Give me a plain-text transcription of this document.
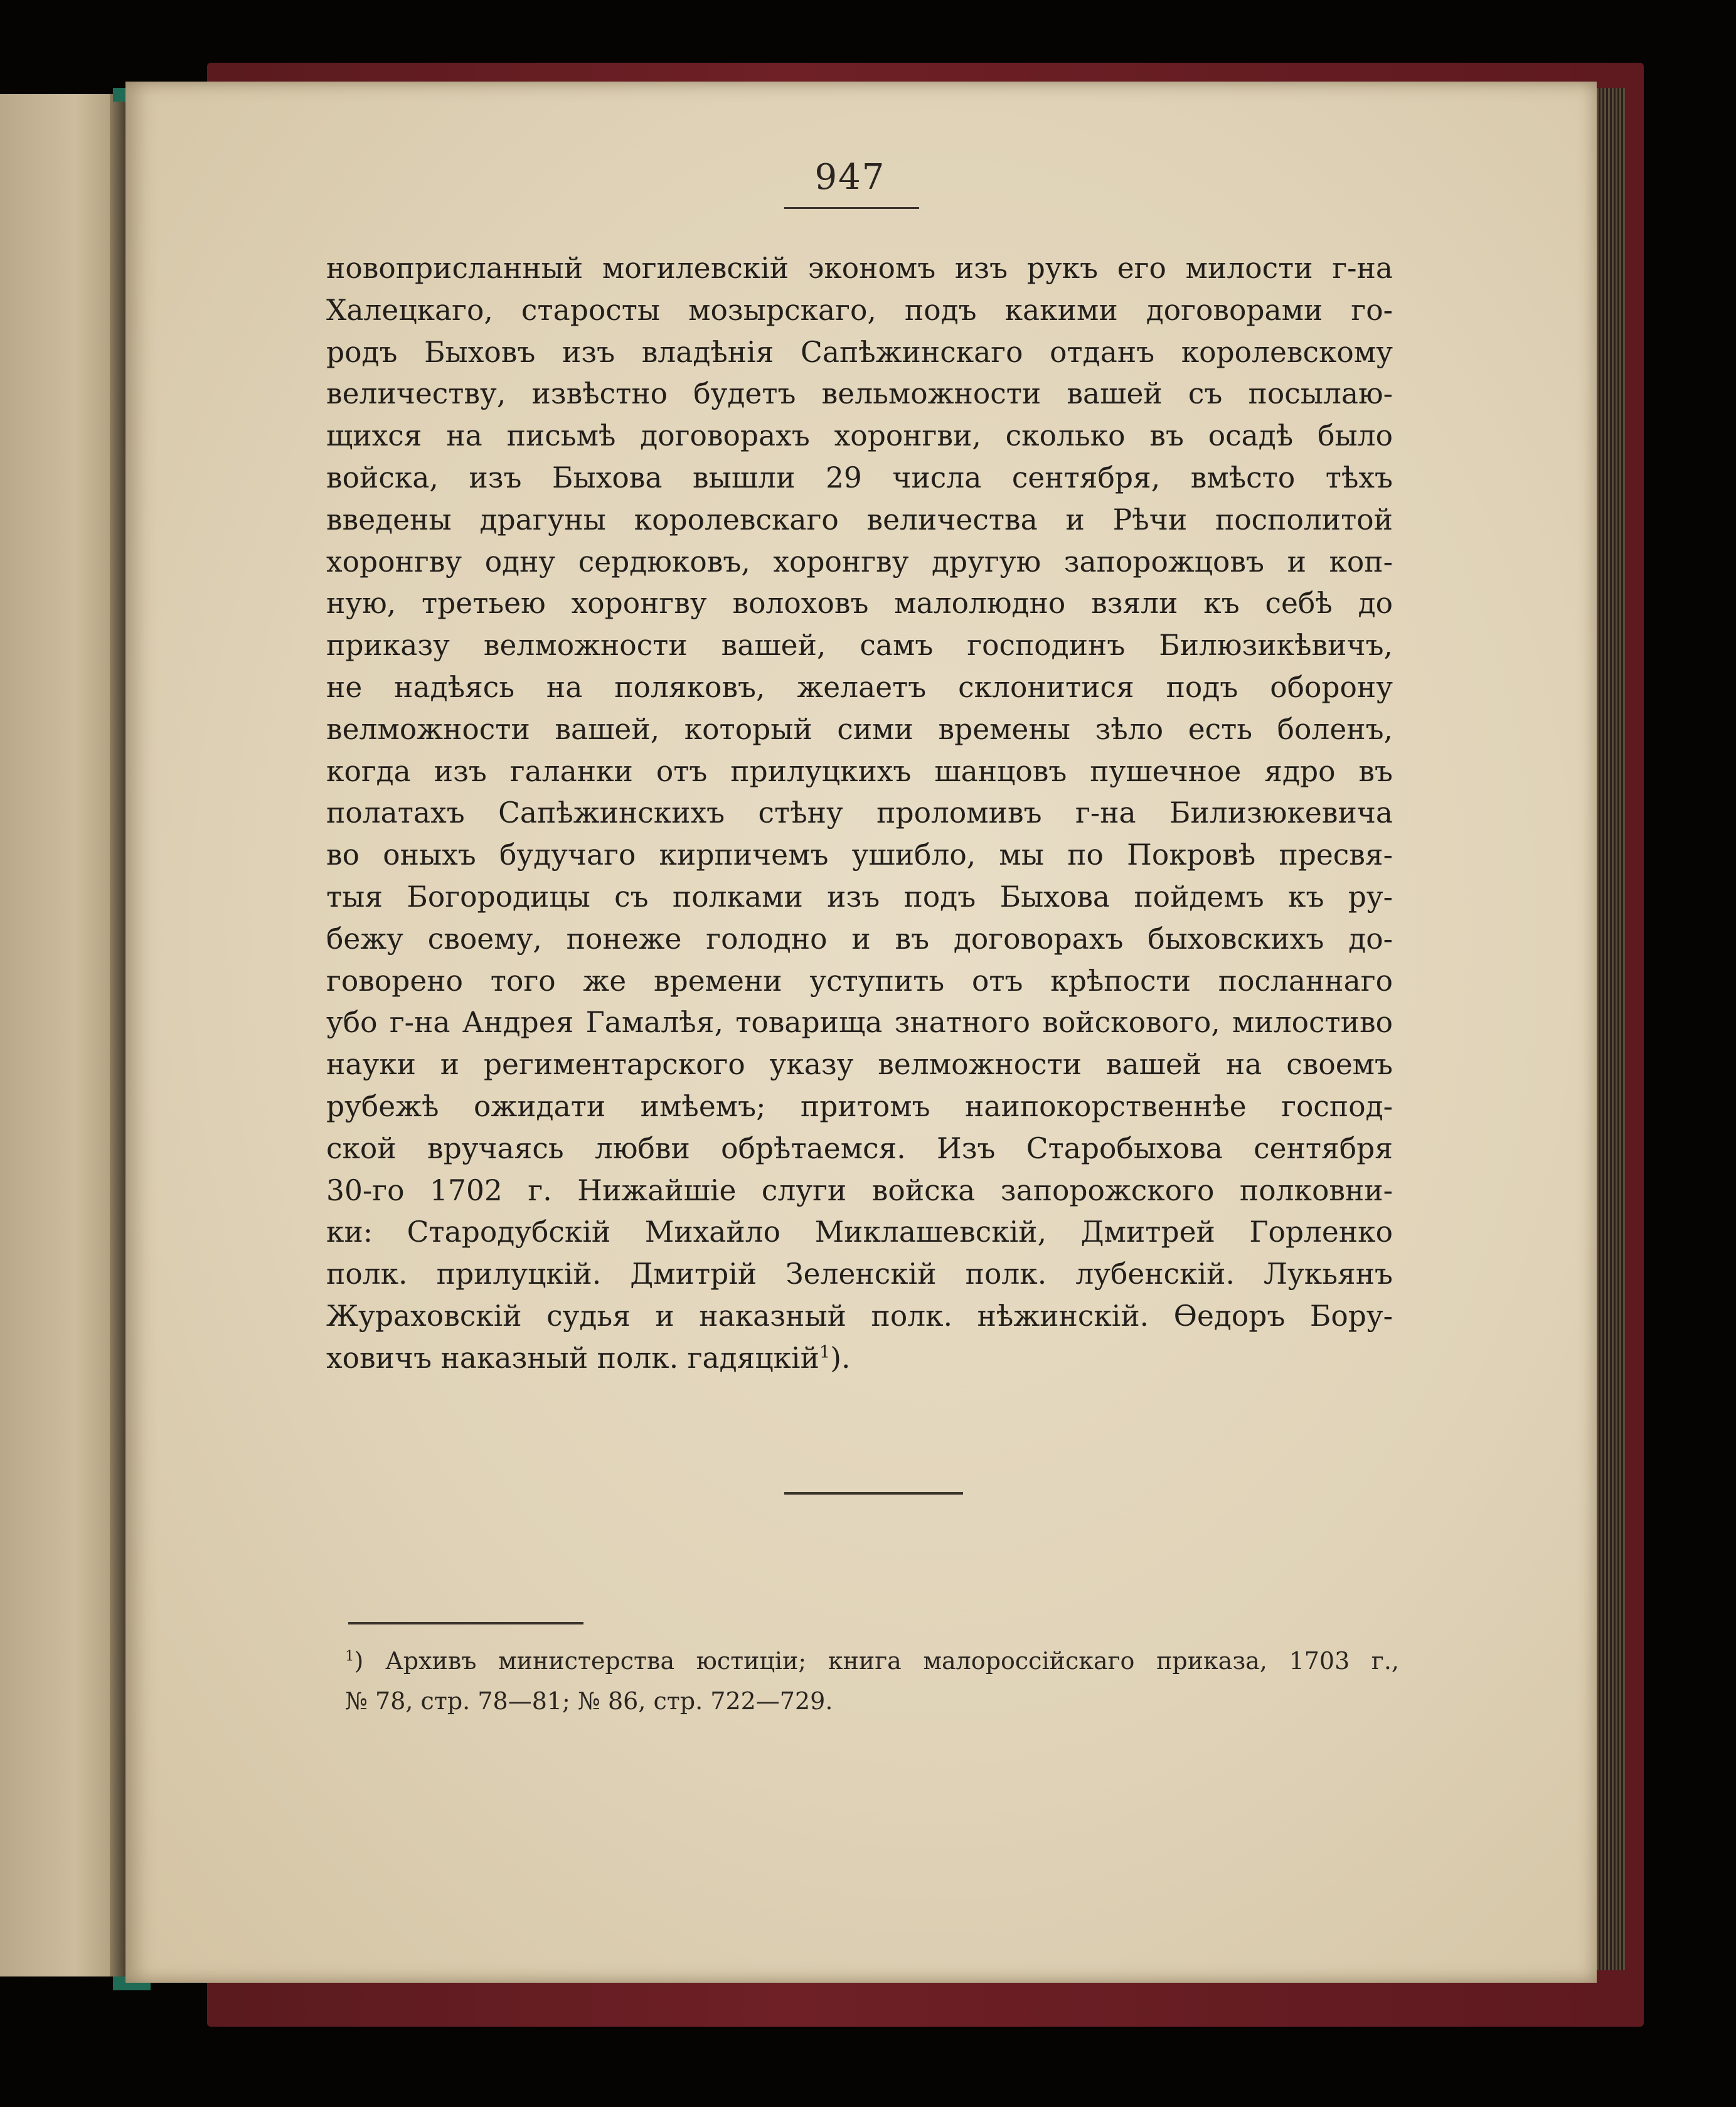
947
новоприсланный могилевскій экономъ изъ рукъ его милости г-на
Халецкаго, старосты мозырскаго, подъ какими договорами го-
родъ Быховъ изъ владѣнія Сапѣжинскаго отданъ королевскому
величеству, извѣстно будетъ вельможности вашей съ посылаю-
щихся на письмѣ договорахъ хоронгви, сколько въ осадѣ было
войска, изъ Быхова вышли 29 числа сентября, вмѣсто тѣхъ
введены драгуны королевскаго величества и Рѣчи посполитой
хоронгву одну сердюковъ, хоронгву другую запорожцовъ и коп-
ную, третьею хоронгву волоховъ малолюдно взяли къ себѣ до
приказу велможности вашей, самъ господинъ Билюзикѣвичъ,
не надѣясь на поляковъ, желаетъ склонитися подъ оборону
велможности вашей, который сими времены зѣло есть боленъ,
когда изъ галанки отъ прилуцкихъ шанцовъ пушечное ядро въ
полатахъ Сапѣжинскихъ стѣну проломивъ г-на Билизюкевича
во оныхъ будучаго кирпичемъ ушибло, мы по Покровѣ пресвя-
тыя Богородицы съ полками изъ подъ Быхова пойдемъ къ ру-
бежу своему, понеже голодно и въ договорахъ быховскихъ до-
говорено того же времени уступить отъ крѣпости посланнаго
убо г-на Андрея Гамалѣя, товарища знатного войскового, милостиво
науки и региментарского указу велможности вашей на своемъ
рубежѣ ожидати имѣемъ; притомъ наипокорственнѣе господ-
ской вручаясь любви обрѣтаемся. Изъ Старобыхова сентября
30-го 1702 г. Нижайшіе слуги войска запорожского полковни-
ки: Стародубскій Михайло Миклашевскій, Дмитрей Горленко
полк. прилуцкій. Дмитрій Зеленскій полк. лубенскій. Лукьянъ
Жураховскій судья и наказный полк. нѣжинскій. Өедоръ Бору-
ховичъ наказный полк. гадяцкій$^1$).
$^1$) Архивъ министерства юстиціи; книга малороссійскаго приказа, 1703 г.,
№ 78, стр. 78—81; № 86, стр. 722—729.
